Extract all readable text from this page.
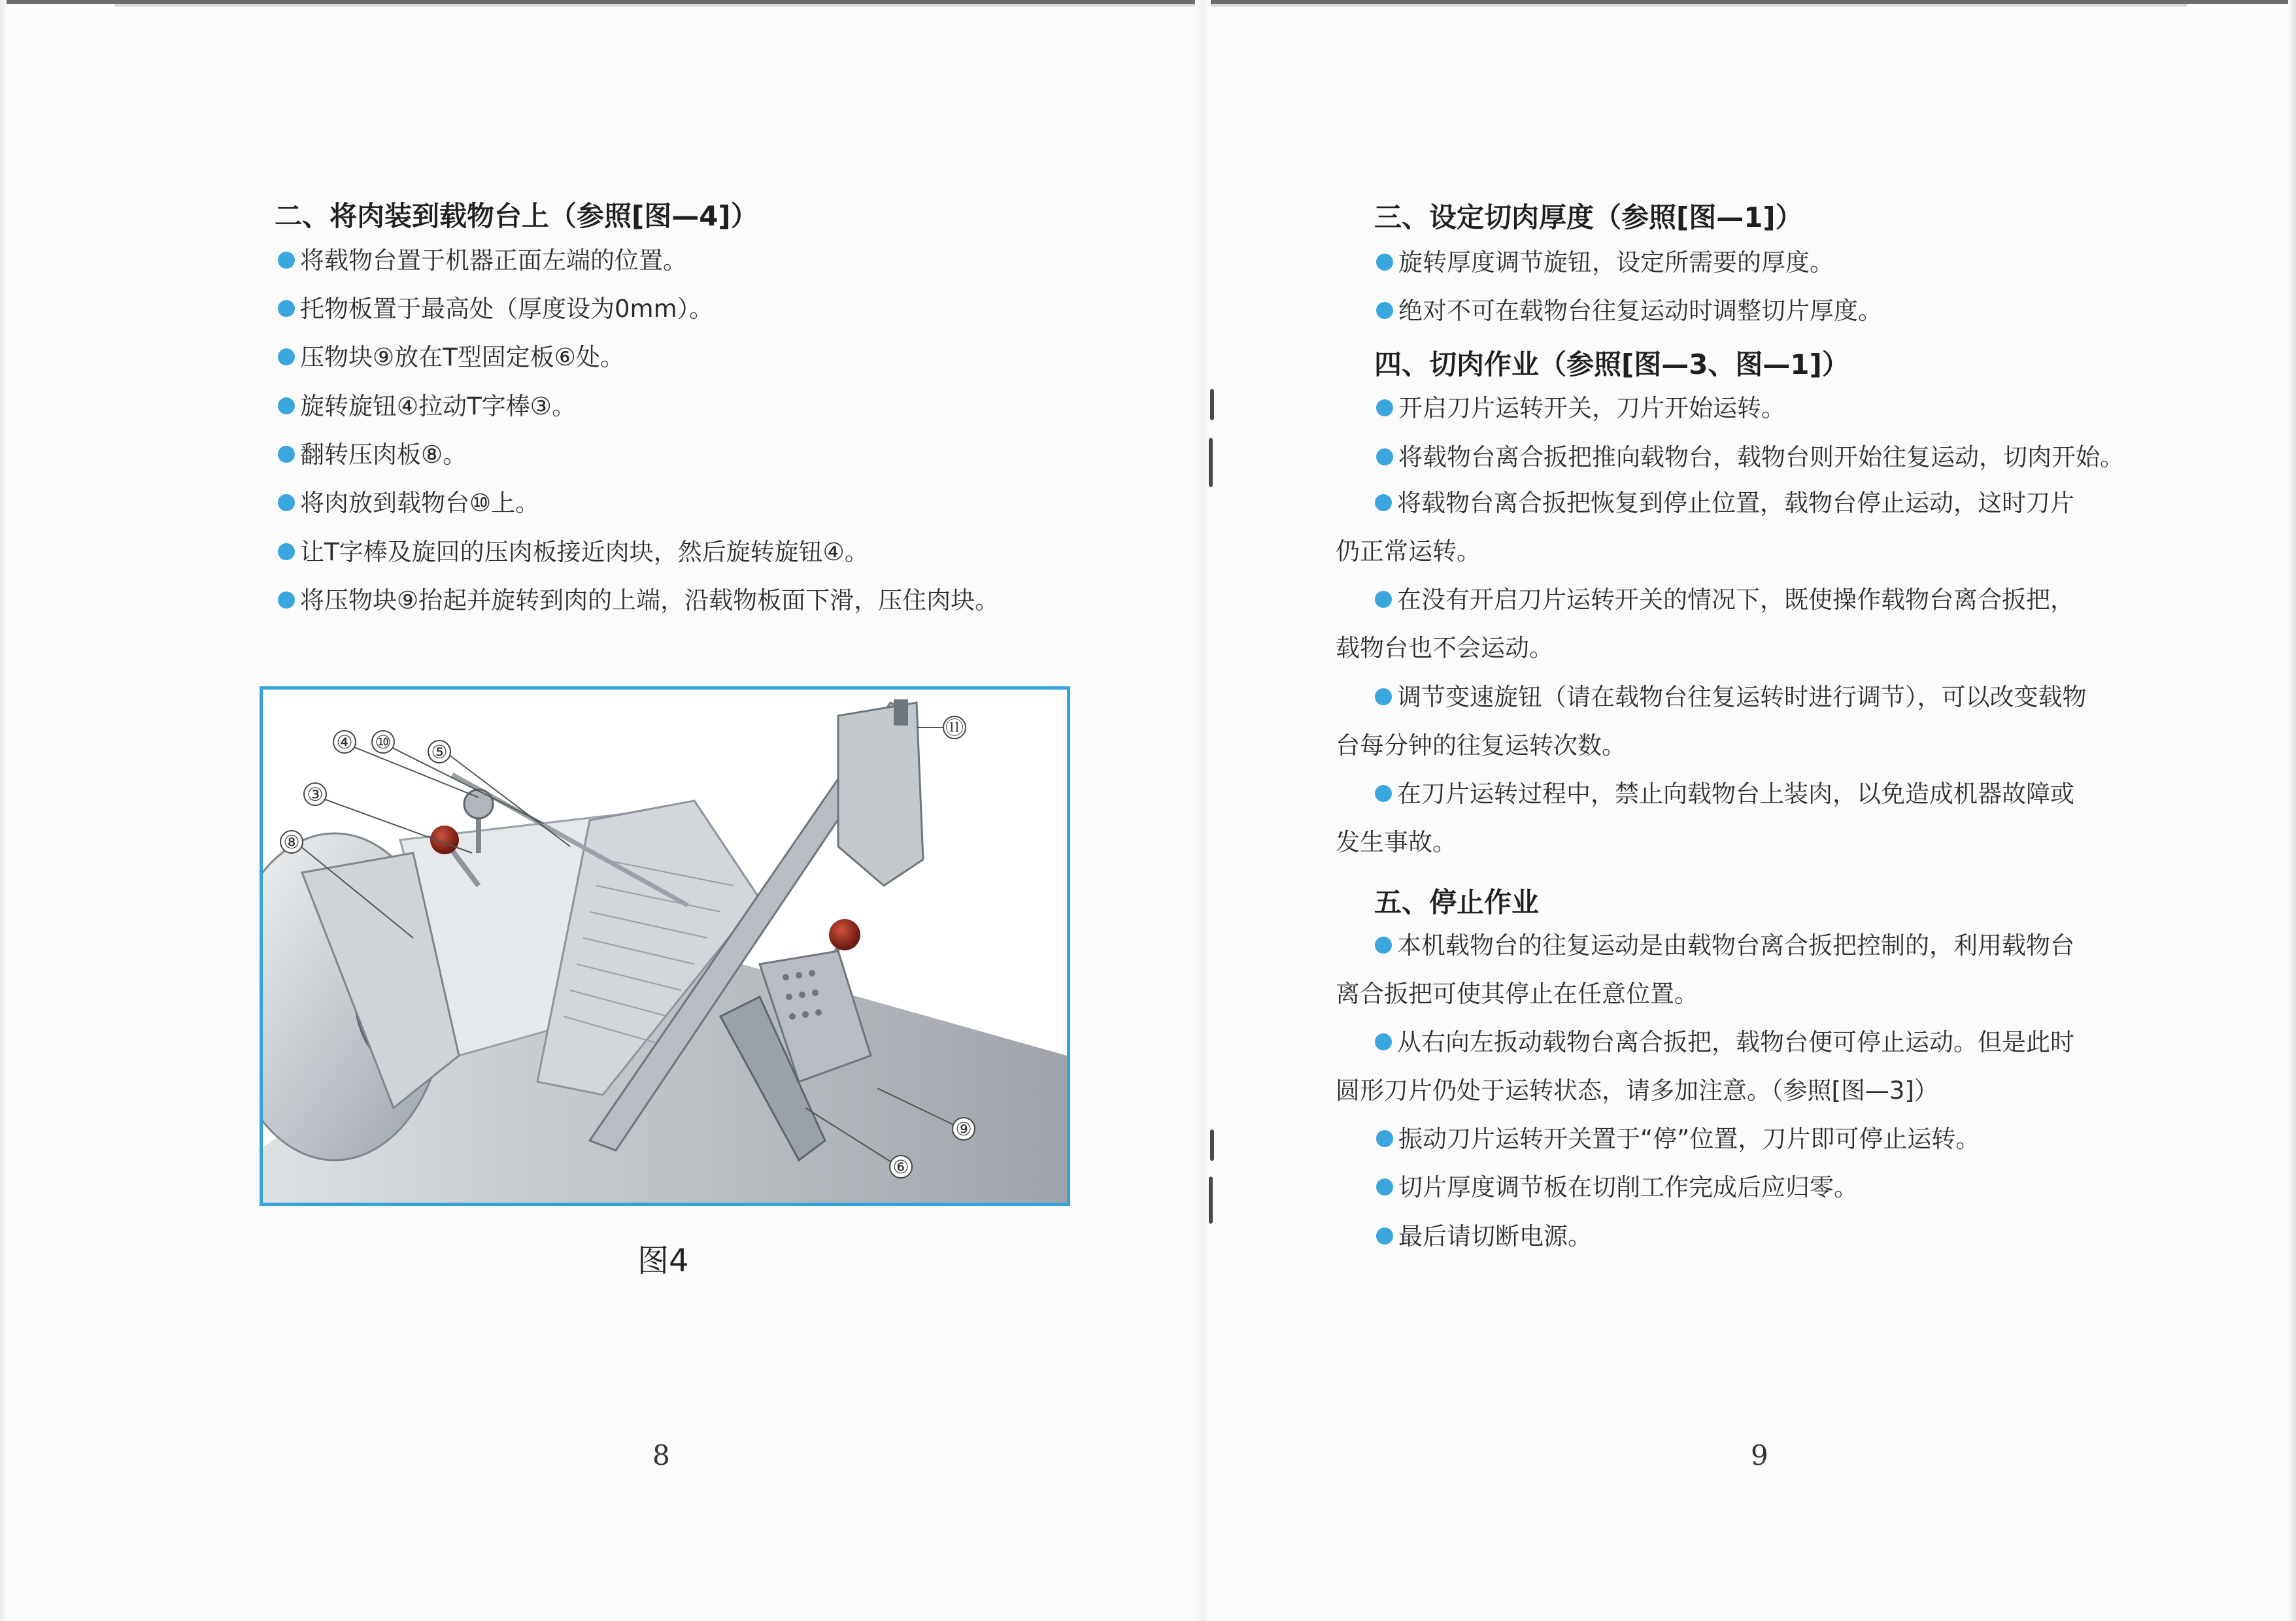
二、将肉装到载物台上（参照[图—4]）
将载物台置于机器正面左端的位置。
托物板置于最高处（厚度设为0mm）。
压物块⑨放在T型固定板⑥处。
旋转旋钮④拉动T字棒③。
翻转压肉板⑧。
将肉放到载物台⑩上。
让T字棒及旋回的压肉板接近肉块，然后旋转旋钮④。
将压物块⑨抬起并旋转到肉的上端，沿载物板面下滑，压住肉块。
④ ⑩ ⑤
⑪
③
⑧
⑨
⑥
图4
8
三、设定切肉厚度（参照[图—1]）
旋转厚度调节旋钮，设定所需要的厚度。
绝对不可在载物台往复运动时调整切片厚度。
四、切肉作业（参照[图—3、图—1]）
开启刀片运转开关，刀片开始运转。
将载物台离合扳把推向载物台，载物台则开始往复运动，切肉开始。
将载物台离合扳把恢复到停止位置，载物台停止运动，这时刀片仍正常运转。
在没有开启刀片运转开关的情况下，既使操作载物台离合扳把，载物台也不会运动。
调节变速旋钮（请在载物台往复运转时进行调节），可以改变载物台每分钟的往复运转次数。
在刀片运转过程中，禁止向载物台上装肉，以免造成机器故障或发生事故。
五、停止作业
本机载物台的往复运动是由载物台离合扳把控制的，利用载物台离合扳把可使其停止在任意位置。
从右向左扳动载物台离合扳把，载物台便可停止运动。但是此时圆形刀片仍处于运转状态，请多加注意。（参照[图—3]）
振动刀片运转开关置于“停”位置，刀片即可停止运转。
切片厚度调节板在切削工作完成后应归零。
最后请切断电源。
9
